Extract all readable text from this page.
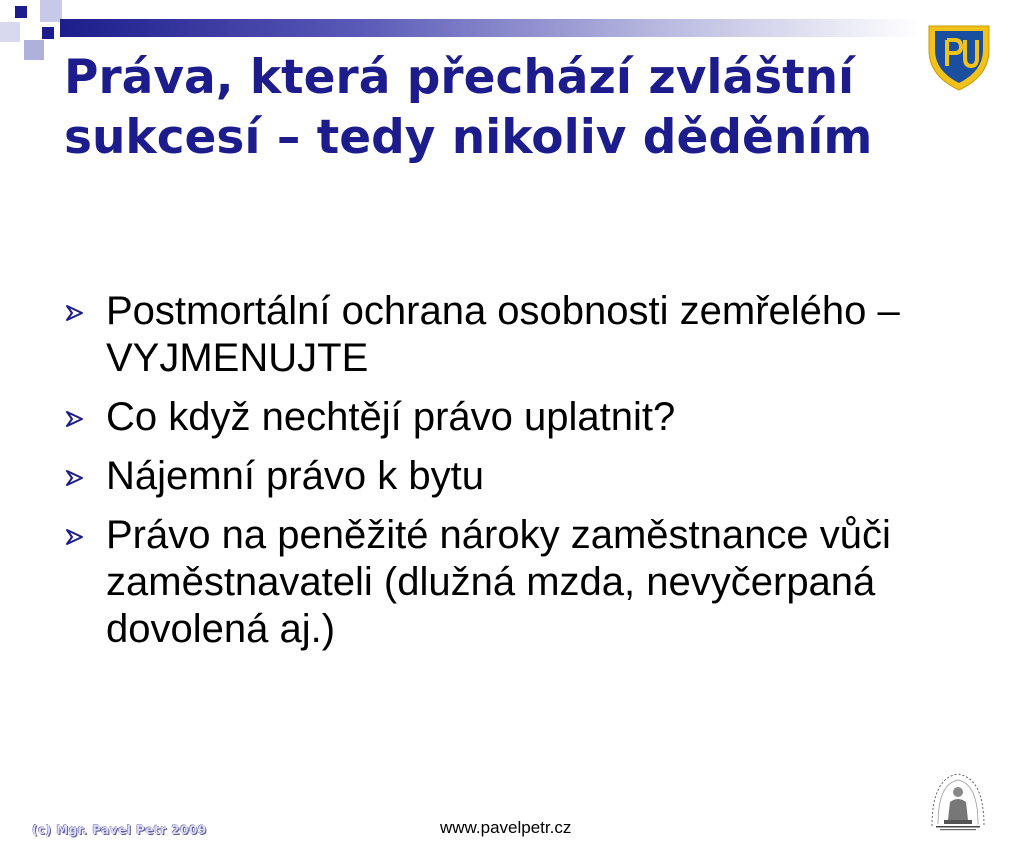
Práva, která přechází zvláštní sukcesí – tedy nikoliv děděním
Postmortální ochrana osobnosti zemřelého – VYJMENUJTE
Co když nechtějí právo uplatnit?
Nájemní právo k bytu
Právo na peněžité nároky zaměstnance vůči zaměstnavateli (dlužná mzda, nevyčerpaná dovolená aj.)
(c) Mgr. Pavel Petr 2009	www.pavelpetr.cz
